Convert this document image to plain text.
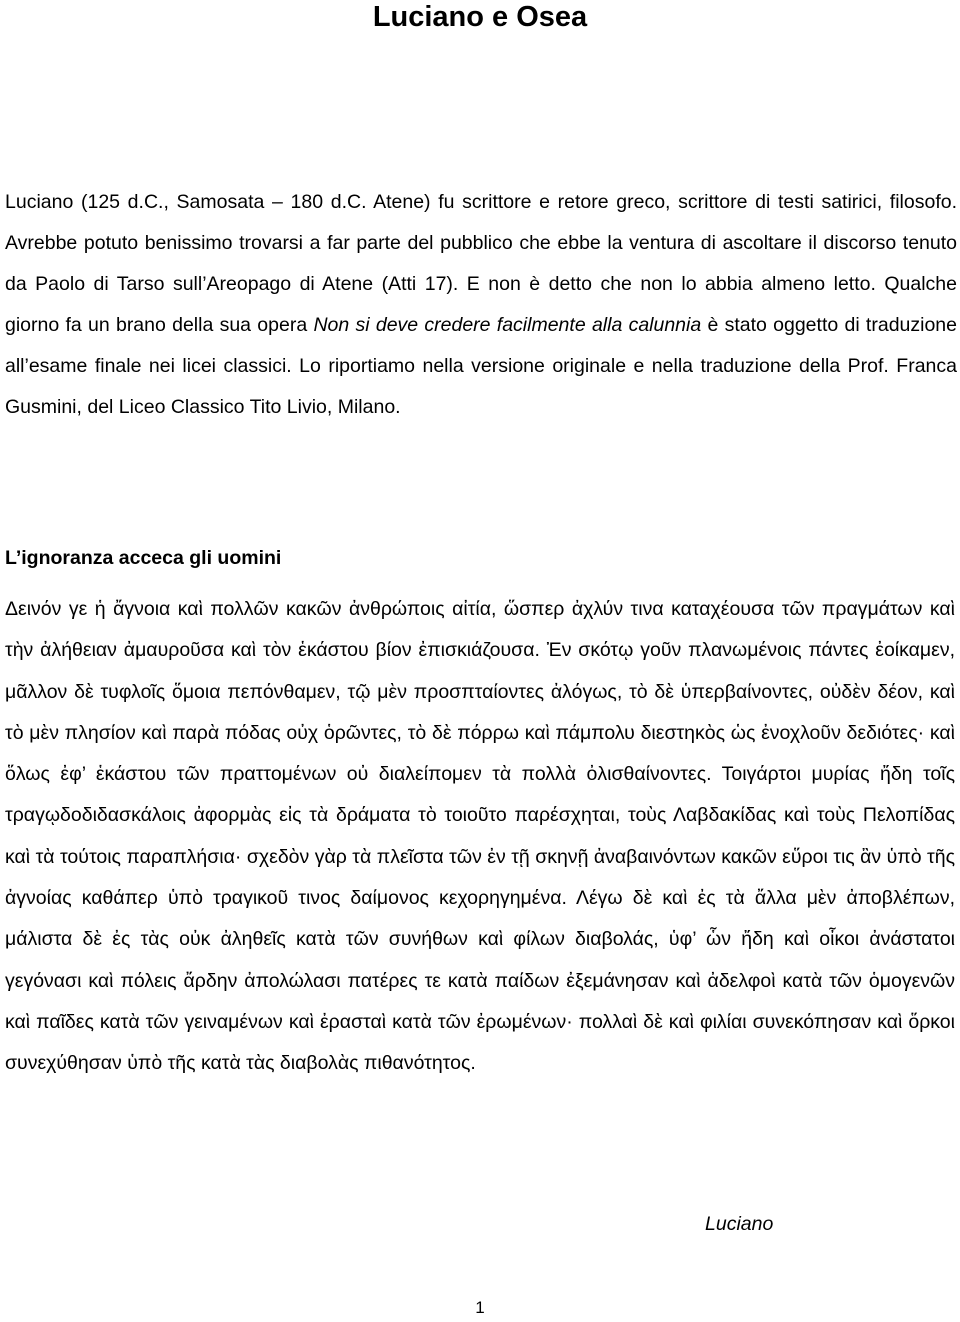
Luciano e Osea

Luciano (125 d.C., Samosata – 180 d.C. Atene) fu scrittore e retore greco, scrittore di testi satirici, filosofo. Avrebbe potuto benissimo trovarsi a far parte del pubblico che ebbe la ventura di ascoltare il discorso tenuto da Paolo di Tarso sull’Areopago di Atene (Atti 17). E non è detto che non lo abbia almeno letto. Qualche giorno fa un brano della sua opera Non si deve credere facilmente alla calunnia è stato oggetto di traduzione all’esame finale nei licei classici. Lo riportiamo nella versione originale e nella traduzione della Prof. Franca Gusmini, del Liceo Classico Tito Livio, Milano.

L’ignoranza acceca gli uomini

Δεινόν γε ἡ ἄγνοια καὶ πολλῶν κακῶν ἀνθρώποις αἰτία, ὥσπερ ἀχλύν τινα καταχέουσα τῶν πραγμάτων καὶ τὴν ἀλήθειαν ἀμαυροῦσα καὶ τὸν ἑκάστου βίον ἐπισκιάζουσα. Ἐν σκότῳ γοῦν πλανωμένοις πάντες ἐοίκαμεν, μᾶλλον δὲ τυφλοῖς ὅμοια πεπόνθαμεν, τῷ μὲν προσπταίοντες ἀλόγως, τὸ δὲ ὑπερβαίνοντες, οὐδὲν δέον, καὶ τὸ μὲν πλησίον καὶ παρὰ πόδας οὐχ ὁρῶντες, τὸ δὲ πόρρω καὶ πάμπολυ διεστηκὸς ὡς ἐνοχλοῦν δεδιότες· καὶ ὅλως ἐφ’ ἑκάστου τῶν πραττομένων οὐ διαλείπομεν τὰ πολλὰ ὀλισθαίνοντες. Τοιγάρτοι μυρίας ἤδη τοῖς τραγῳδοδιδασκάλοις ἀφορμὰς εἰς τὰ δράματα τὸ τοιοῦτο παρέσχηται, τοὺς Λαβδακίδας καὶ τοὺς Πελοπίδας καὶ τὰ τούτοις παραπλήσια· σχεδὸν γὰρ τὰ πλεῖστα τῶν ἐν τῇ σκηνῇ ἀναβαινόντων κακῶν εὕροι τις ἂν ὑπὸ τῆς ἀγνοίας καθάπερ ὑπὸ τραγικοῦ τινος δαίμονος κεχορηγημένα. Λέγω δὲ καὶ ἐς τὰ ἄλλα μὲν ἀποβλέπων, μάλιστα δὲ ἐς τὰς οὐκ ἀληθεῖς κατὰ τῶν συνήθων καὶ φίλων διαβολάς, ὑφ’ ὧν ἤδη καὶ οἶκοι ἀνάστατοι γεγόνασι καὶ πόλεις ἄρδην ἀπολώλασι πατέρες τε κατὰ παίδων ἐξεμάνησαν καὶ ἀδελφοὶ κατὰ τῶν ὁμογενῶν καὶ παῖδες κατὰ τῶν γειναμένων καὶ ἐρασταὶ κατὰ τῶν ἐρωμένων· πολλαὶ δὲ καὶ φιλίαι συνεκόπησαν καὶ ὅρκοι συνεχύθησαν ὑπὸ τῆς κατὰ τὰς διαβολὰς πιθανότητος.

Luciano

1
